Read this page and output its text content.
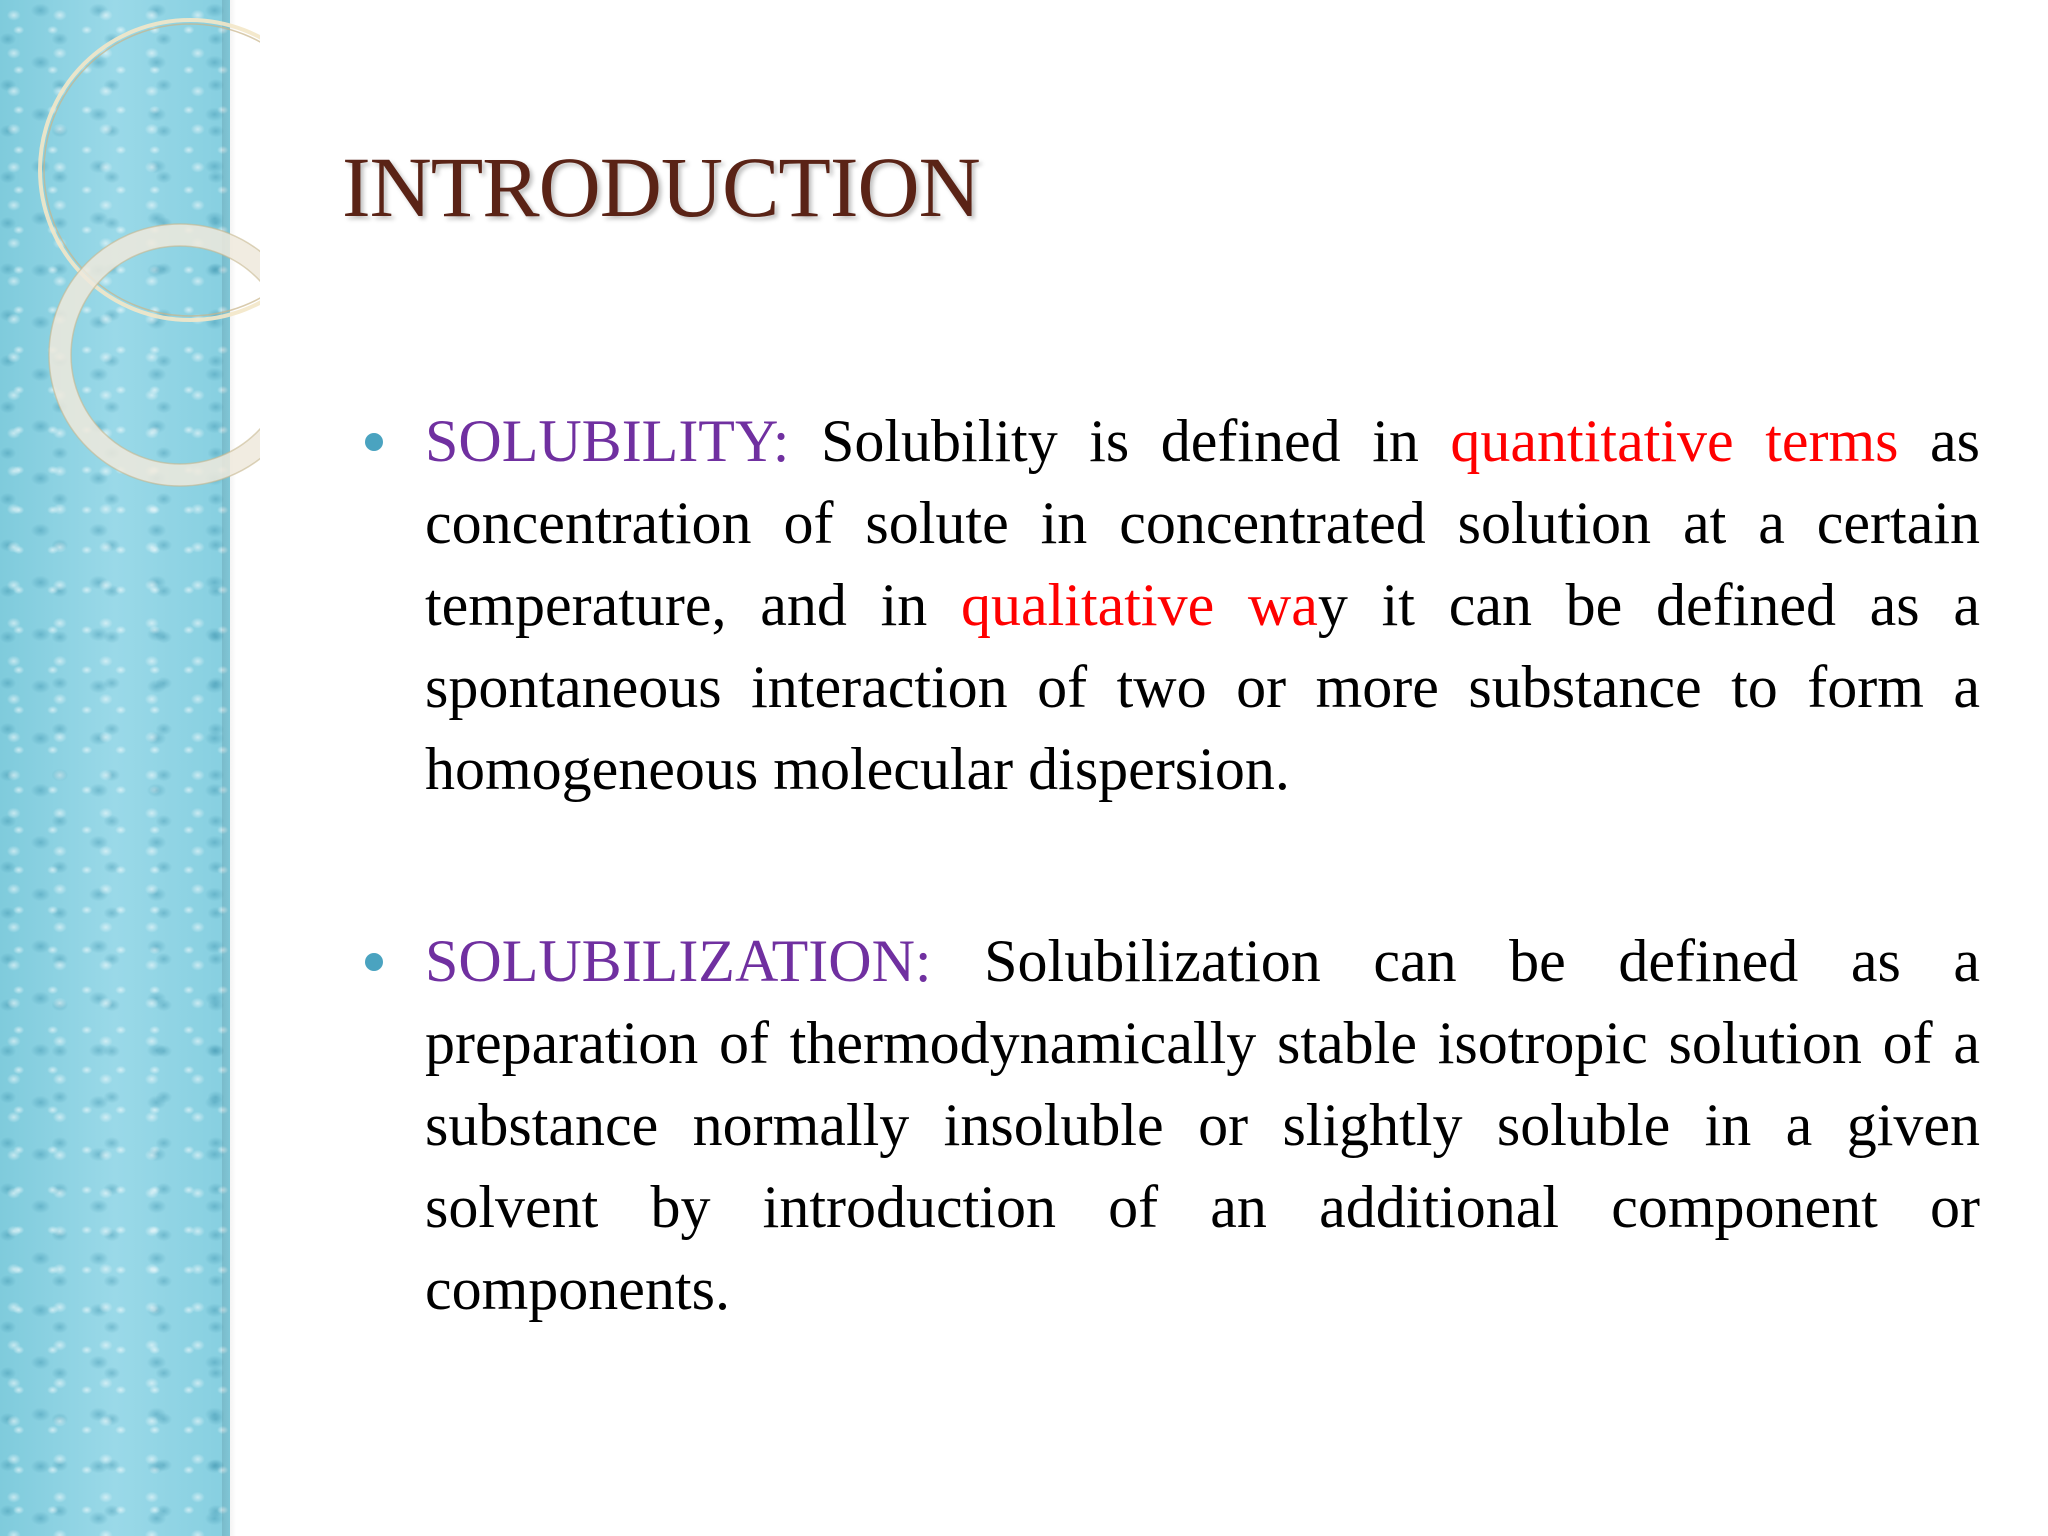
INTRODUCTION

SOLUBILITY: Solubility is defined in quantitative terms as concentration of solute in concentrated solution at a certain temperature, and in qualitative way it can be defined as a spontaneous interaction of two or more substance to form a homogeneous molecular dispersion.

SOLUBILIZATION: Solubilization can be defined as a preparation of thermodynamically stable isotropic solution of a substance normally insoluble or slightly soluble in a given solvent by introduction of an additional component or components.
